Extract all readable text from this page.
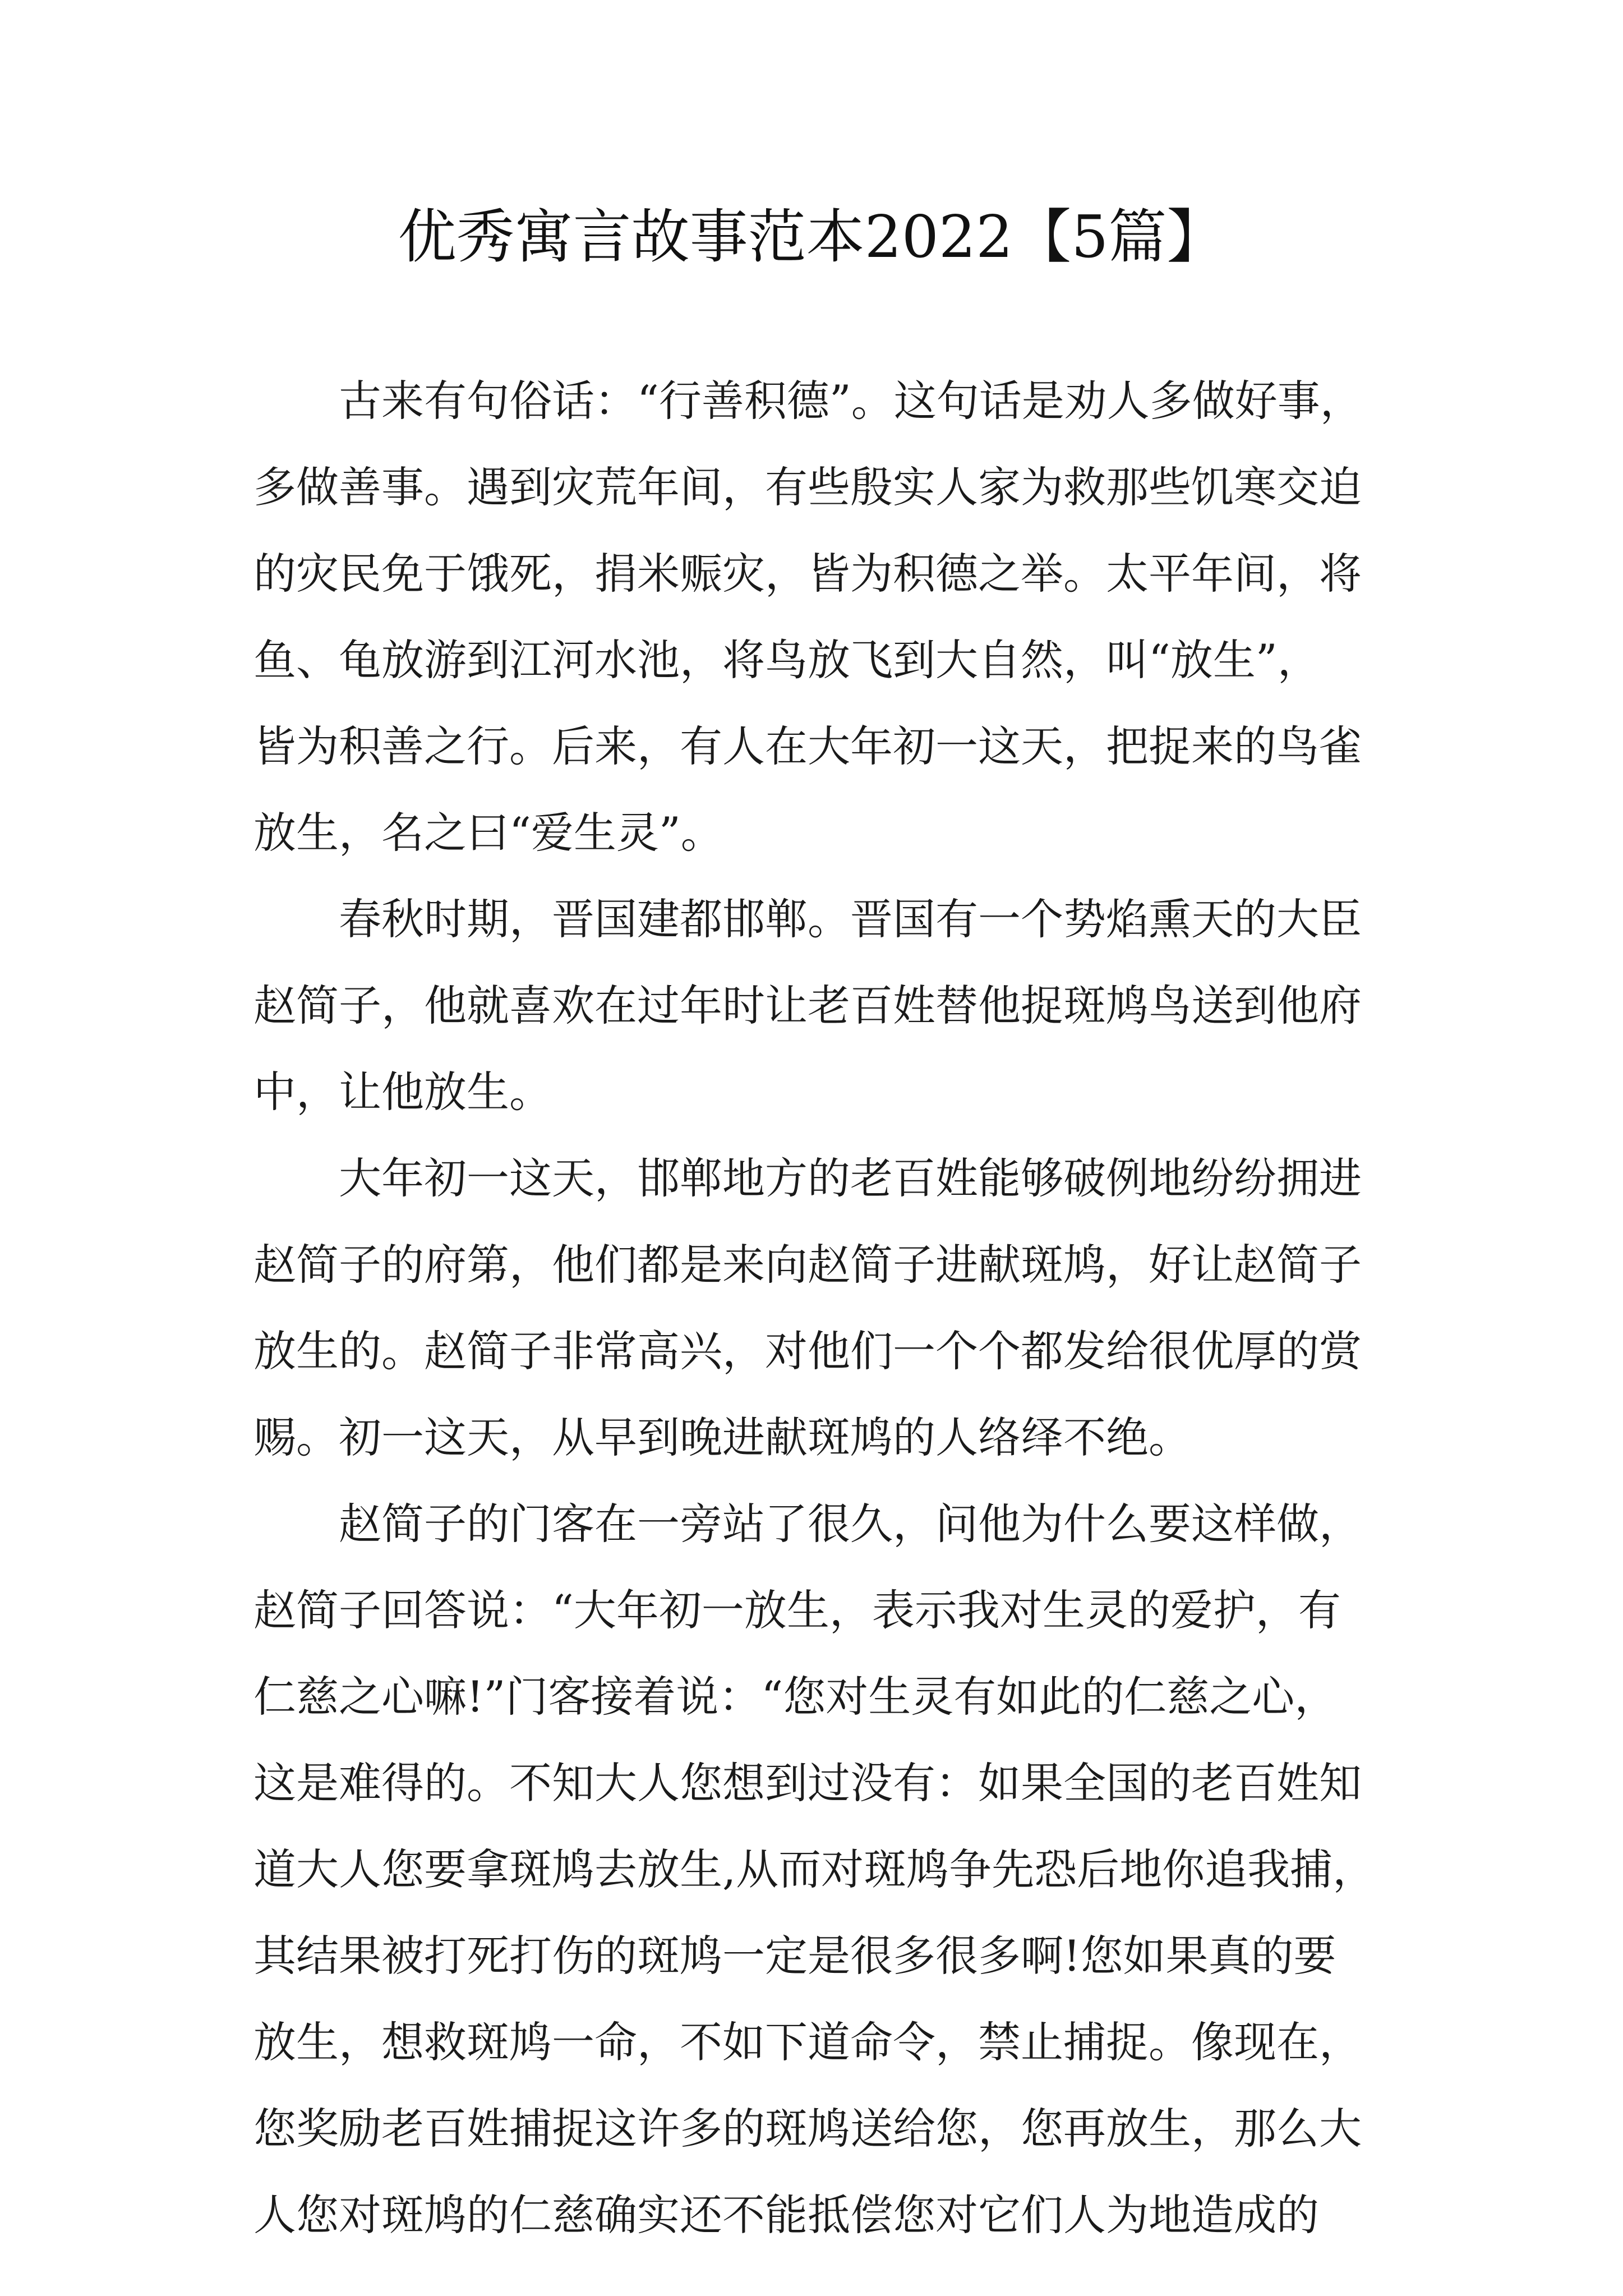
优秀寓言故事范本2022【5篇】
古来有句俗话：“行善积德”。这句话是劝人多做好事，
多做善事。遇到灾荒年间，有些殷实人家为救那些饥寒交迫
的灾民免于饿死，捐米赈灾，皆为积德之举。太平年间，将
鱼、龟放游到江河水池，将鸟放飞到大自然，叫“放生”，
皆为积善之行。后来，有人在大年初一这天，把捉来的鸟雀
放生，名之曰“爱生灵”。
春秋时期，晋国建都邯郸。晋国有一个势焰熏天的大臣
赵简子，他就喜欢在过年时让老百姓替他捉斑鸠鸟送到他府
中，让他放生。
大年初一这天，邯郸地方的老百姓能够破例地纷纷拥进
赵简子的府第，他们都是来向赵简子进献斑鸠，好让赵简子
放生的。赵简子非常高兴，对他们一个个都发给很优厚的赏
赐。初一这天，从早到晚进献斑鸠的人络绎不绝。
赵简子的门客在一旁站了很久，问他为什么要这样做，
赵简子回答说：“大年初一放生，表示我对生灵的爱护，有
仁慈之心嘛!”门客接着说：“您对生灵有如此的仁慈之心，
这是难得的。不知大人您想到过没有：如果全国的老百姓知
道大人您要拿斑鸠去放生,从而对斑鸠争先恐后地你追我捕，
其结果被打死打伤的斑鸠一定是很多很多啊!您如果真的要
放生，想救斑鸠一命，不如下道命令，禁止捕捉。像现在，
您奖励老百姓捕捉这许多的斑鸠送给您，您再放生，那么大
人您对斑鸠的仁慈确实还不能抵偿您对它们人为地造成的
